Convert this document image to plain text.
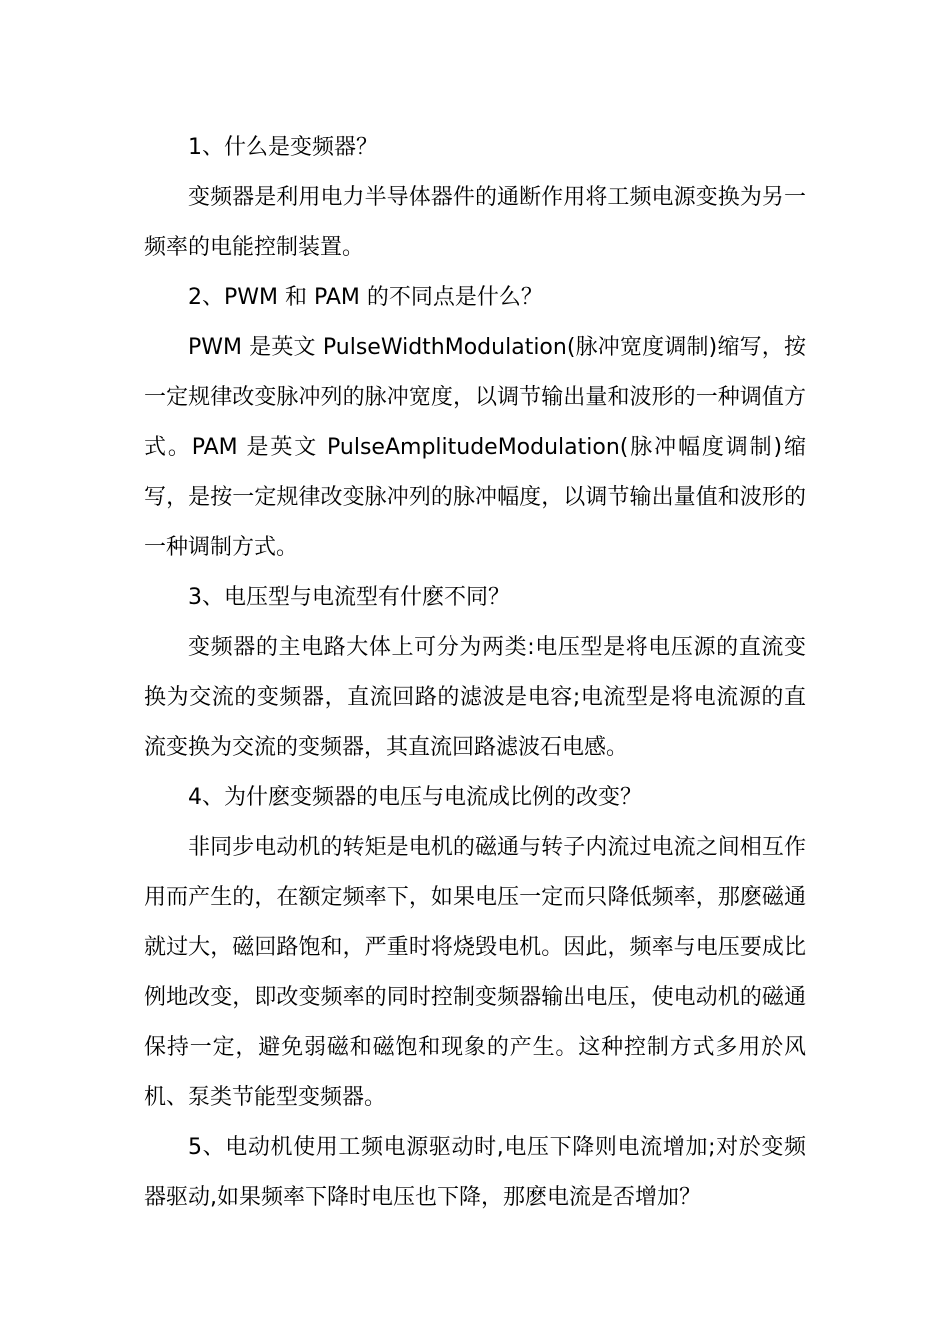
1、什么是变频器？

变频器是利用电力半导体器件的通断作用将工频电源变换为另一频率的电能控制装置。

2、PWM 和 PAM 的不同点是什么？

PWM 是英文 PulseWidthModulation(脉冲宽度调制)缩写，按一定规律改变脉冲列的脉冲宽度，以调节输出量和波形的一种调值方式。PAM 是英文 PulseAmplitudeModulation(脉冲幅度调制)缩写，是按一定规律改变脉冲列的脉冲幅度，以调节输出量值和波形的一种调制方式。

3、电压型与电流型有什麽不同？

变频器的主电路大体上可分为两类:电压型是将电压源的直流变换为交流的变频器，直流回路的滤波是电容;电流型是将电流源的直流变换为交流的变频器，其直流回路滤波石电感。

4、为什麽变频器的电压与电流成比例的改变？

非同步电动机的转矩是电机的磁通与转子内流过电流之间相互作用而产生的，在额定频率下，如果电压一定而只降低频率，那麽磁通就过大，磁回路饱和，严重时将烧毁电机。因此，频率与电压要成比例地改变，即改变频率的同时控制变频器输出电压，使电动机的磁通保持一定，避免弱磁和磁饱和现象的产生。这种控制方式多用於风机、泵类节能型变频器。

5、电动机使用工频电源驱动时,电压下降则电流增加;对於变频器驱动,如果频率下降时电压也下降，那麽电流是否增加？
